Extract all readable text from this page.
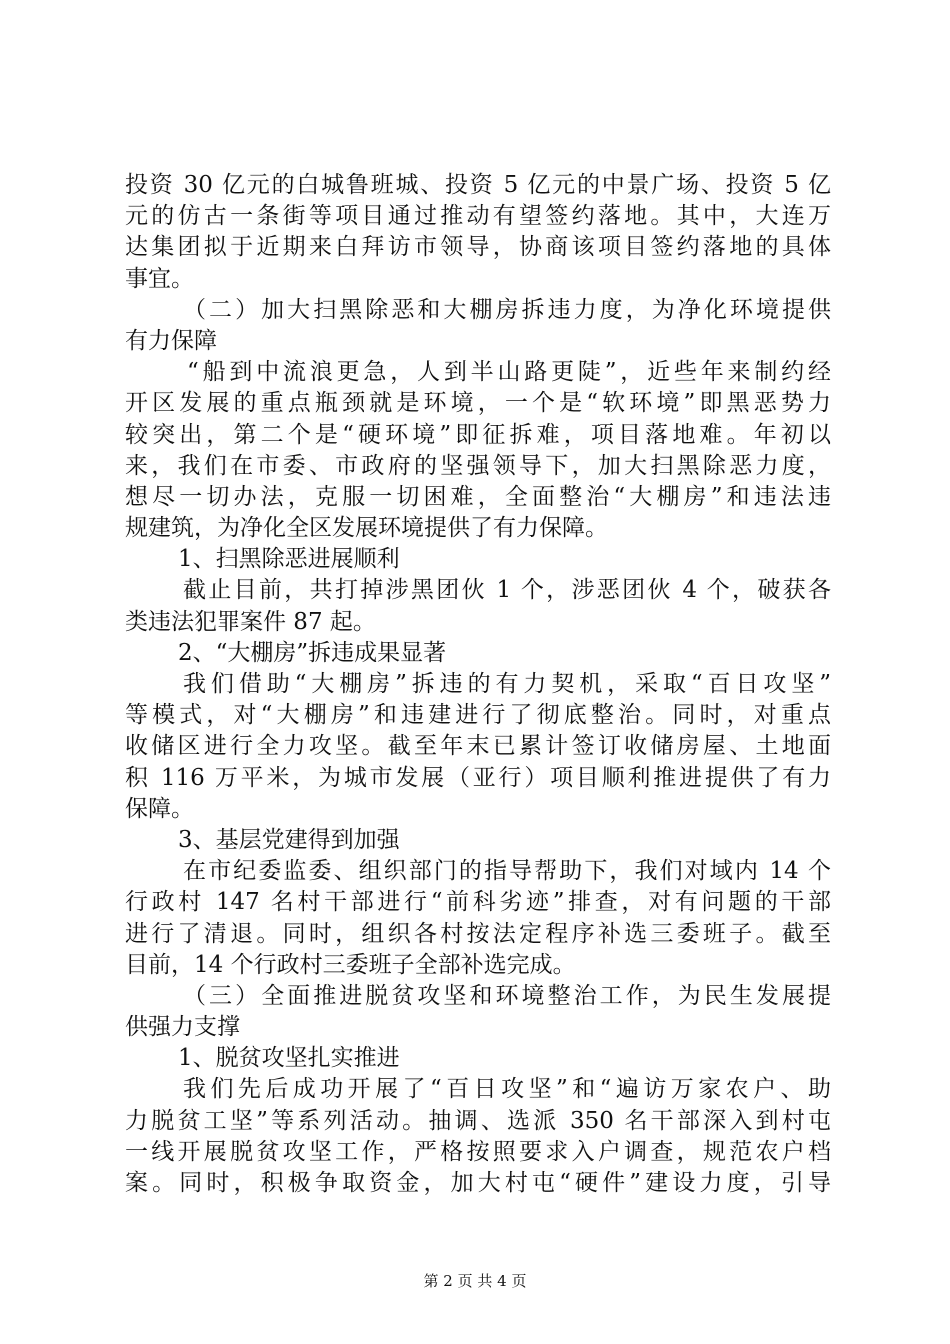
投资 30 亿元的白城鲁班城、投资 5 亿元的中景广场、投资 5 亿
元的仿古一条街等项目通过推动有望签约落地。其中，大连万
达集团拟于近期来白拜访市领导，协商该项目签约落地的具体
事宜。
（二）加大扫黑除恶和大棚房拆违力度，为净化环境提供
有力保障
“船到中流浪更急，人到半山路更陡”，近些年来制约经
开区发展的重点瓶颈就是环境，一个是“软环境”即黑恶势力
较突出，第二个是“硬环境”即征拆难，项目落地难。年初以
来，我们在市委、市政府的坚强领导下，加大扫黑除恶力度，
想尽一切办法，克服一切困难，全面整治“大棚房”和违法违
规建筑，为净化全区发展环境提供了有力保障。
1、扫黑除恶进展顺利
截止目前，共打掉涉黑团伙 1 个，涉恶团伙 4 个，破获各
类违法犯罪案件 87 起。
2、“大棚房”拆违成果显著
我们借助“大棚房”拆违的有力契机，采取“百日攻坚”
等模式，对“大棚房”和违建进行了彻底整治。同时，对重点
收储区进行全力攻坚。截至年末已累计签订收储房屋、土地面
积 116 万平米，为城市发展（亚行）项目顺利推进提供了有力
保障。
3、基层党建得到加强
在市纪委监委、组织部门的指导帮助下，我们对域内 14 个
行政村 147 名村干部进行“前科劣迹”排查，对有问题的干部
进行了清退。同时，组织各村按法定程序补选三委班子。截至
目前，14 个行政村三委班子全部补选完成。
（三）全面推进脱贫攻坚和环境整治工作，为民生发展提
供强力支撑
1、脱贫攻坚扎实推进
我们先后成功开展了“百日攻坚”和“遍访万家农户、助
力脱贫工坚”等系列活动。抽调、选派 350 名干部深入到村屯
一线开展脱贫攻坚工作，严格按照要求入户调查，规范农户档
案。同时，积极争取资金，加大村屯“硬件”建设力度，引导
第 2 页 共 4 页
